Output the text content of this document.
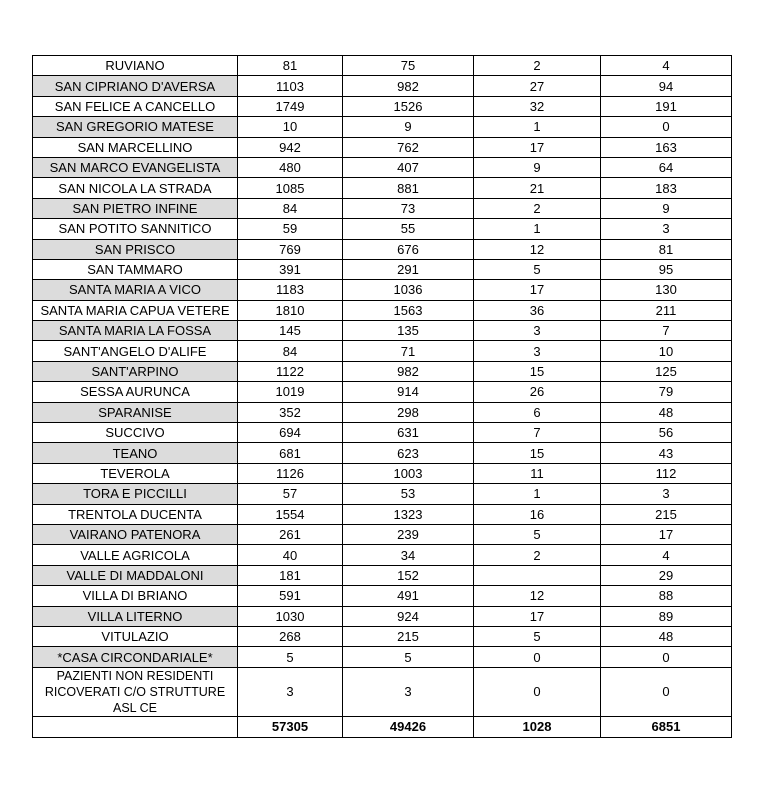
RUVIANO	81	75	2	4
SAN CIPRIANO D'AVERSA	1103	982	27	94
SAN FELICE A CANCELLO	1749	1526	32	191
SAN GREGORIO MATESE	10	9	1	0
SAN MARCELLINO	942	762	17	163
SAN MARCO EVANGELISTA	480	407	9	64
SAN NICOLA LA STRADA	1085	881	21	183
SAN PIETRO INFINE	84	73	2	9
SAN POTITO SANNITICO	59	55	1	3
SAN PRISCO	769	676	12	81
SAN TAMMARO	391	291	5	95
SANTA MARIA A VICO	1183	1036	17	130
SANTA MARIA CAPUA VETERE	1810	1563	36	211
SANTA MARIA LA FOSSA	145	135	3	7
SANT'ANGELO D'ALIFE	84	71	3	10
SANT'ARPINO	1122	982	15	125
SESSA AURUNCA	1019	914	26	79
SPARANISE	352	298	6	48
SUCCIVO	694	631	7	56
TEANO	681	623	15	43
TEVEROLA	1126	1003	11	112
TORA E PICCILLI	57	53	1	3
TRENTOLA DUCENTA	1554	1323	16	215
VAIRANO PATENORA	261	239	5	17
VALLE AGRICOLA	40	34	2	4
VALLE DI MADDALONI	181	152		29
VILLA DI BRIANO	591	491	12	88
VILLA LITERNO	1030	924	17	89
VITULAZIO	268	215	5	48
*CASA CIRCONDARIALE*	5	5	0	0
PAZIENTI NON RESIDENTI RICOVERATI C/O STRUTTURE ASL CE	3	3	0	0
	57305	49426	1028	6851
